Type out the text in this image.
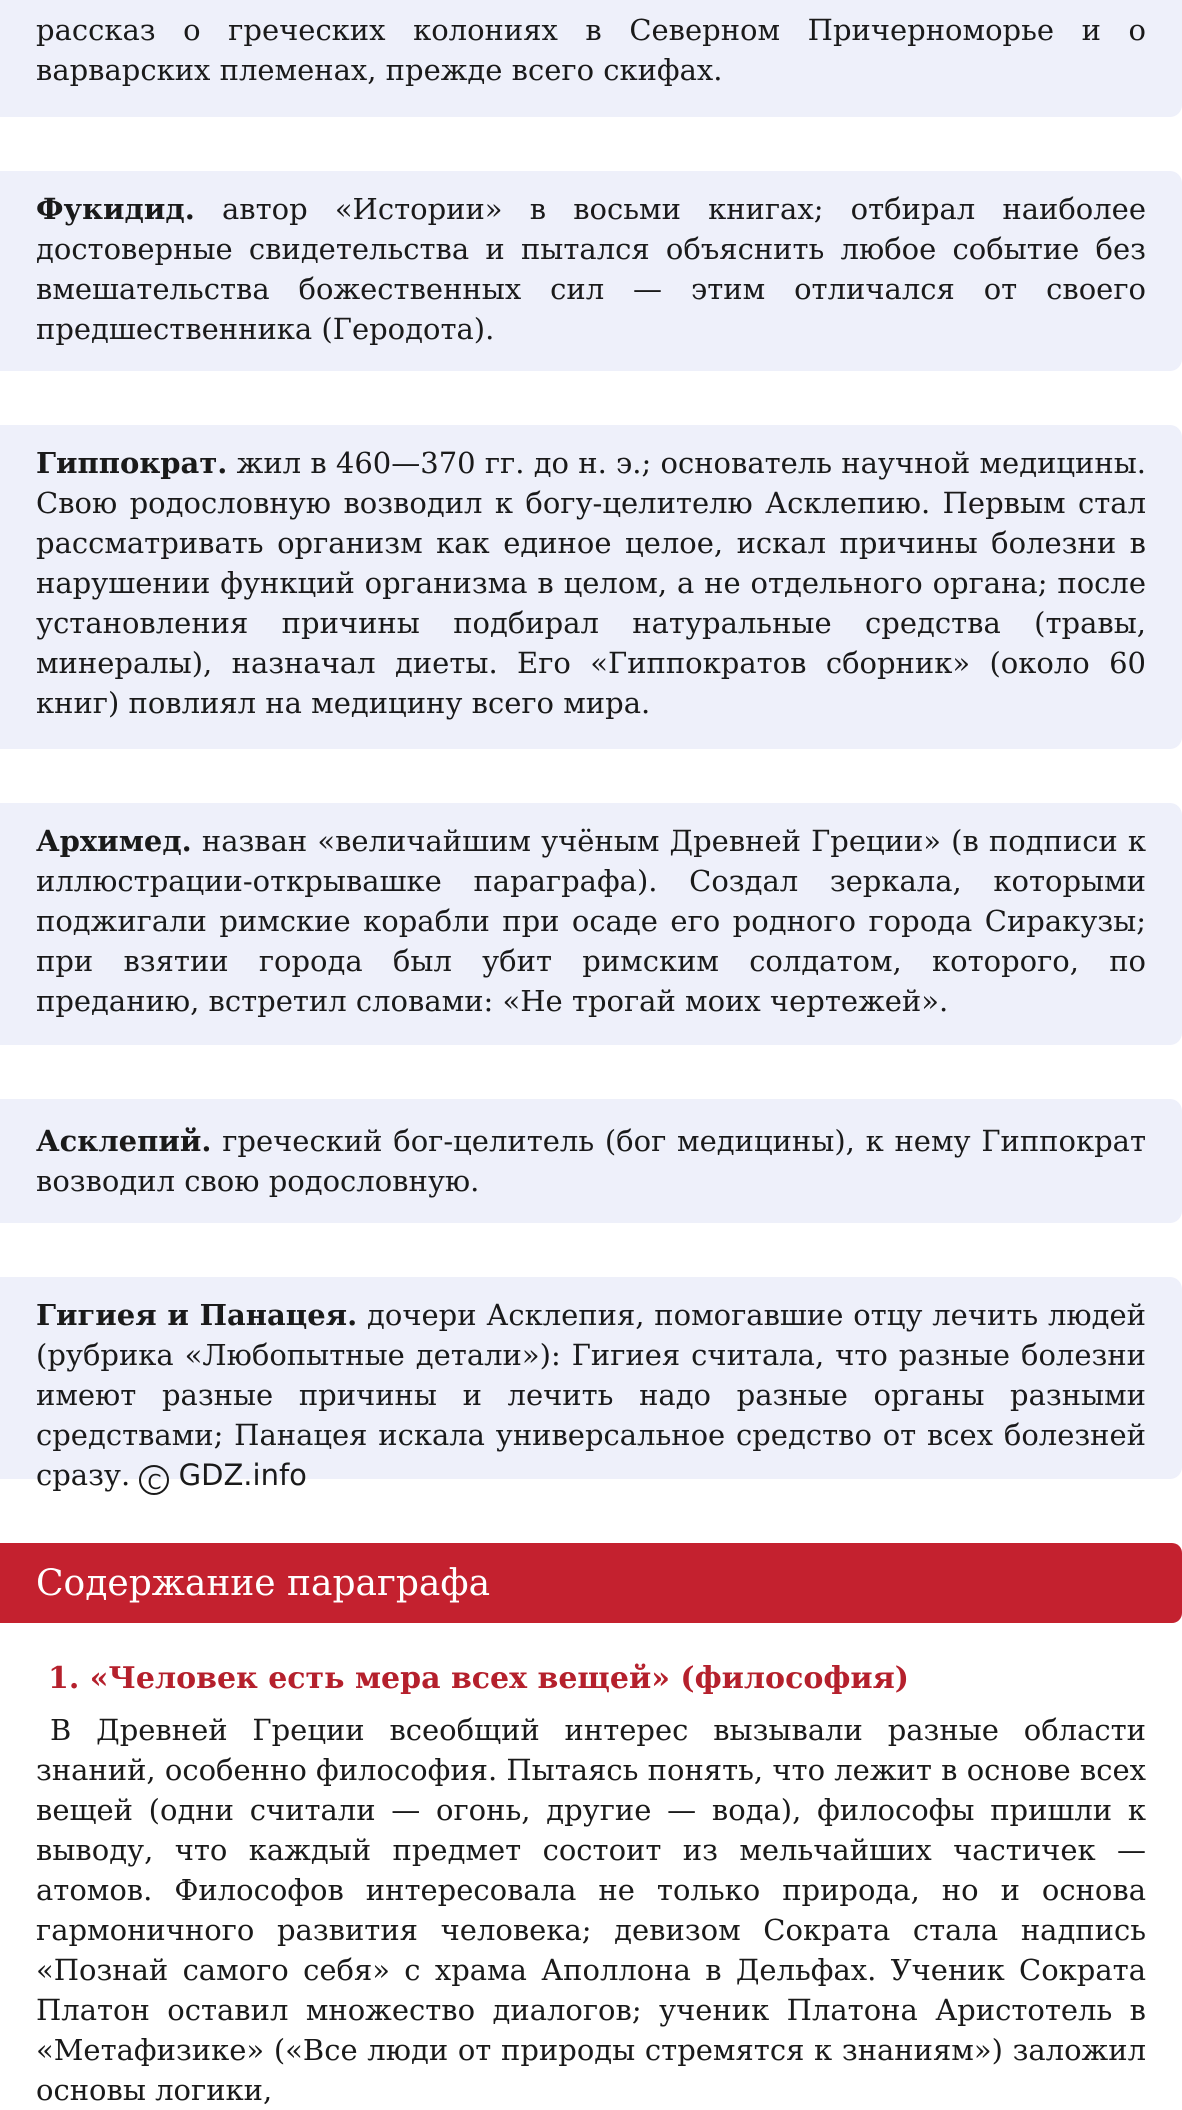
рассказ о греческих колониях в Северном Причерноморье и о варварских племенах, прежде всего скифах.

Фукидид. автор «Истории» в восьми книгах; отбирал наиболее достоверные свидетельства и пытался объяснить любое событие без вмешательства божественных сил — этим отличался от своего предшественника (Геродота).

Гиппократ. жил в 460—370 гг. до н. э.; основатель научной медицины. Свою родословную возводил к богу-целителю Асклепию. Первым стал рассматривать организм как единое целое, искал причины болезни в нарушении функций организма в целом, а не отдельного органа; после установления причины подбирал натуральные средства (травы, минералы), назначал диеты. Его «Гиппократов сборник» (около 60 книг) повлиял на медицину всего мира.

Архимед. назван «величайшим учёным Древней Греции» (в подписи к иллюстрации-открывашке параграфа). Создал зеркала, которыми поджигали римские корабли при осаде его родного города Сиракузы; при взятии города был убит римским солдатом, которого, по преданию, встретил словами: «Не трогай моих чертежей».

Асклепий. греческий бог-целитель (бог медицины), к нему Гиппократ возводил свою родословную.

Гигиея и Панацея. дочери Асклепия, помогавшие отцу лечить людей (рубрика «Любопытные детали»): Гигиея считала, что разные болезни имеют разные причины и лечить надо разные органы разными средствами; Панацея искала универсальное средство от всех болезней сразу. C GDZ.info

Содержание параграфа
1. «Человек есть мера всех вещей» (философия)

В Древней Греции всеобщий интерес вызывали разные области знаний, особенно философия. Пытаясь понять, что лежит в основе всех вещей (одни считали — огонь, другие — вода), философы пришли к выводу, что каждый предмет состоит из мельчайших частичек — атомов. Философов интересовала не только природа, но и основа гармоничного развития человека; девизом Сократа стала надпись «Познай самого себя» с храма Аполлона в Дельфах. Ученик Сократа Платон оставил множество диалогов; ученик Платона Аристотель в «Метафизике» («Все люди от природы стремятся к знаниям») заложил основы логики,
